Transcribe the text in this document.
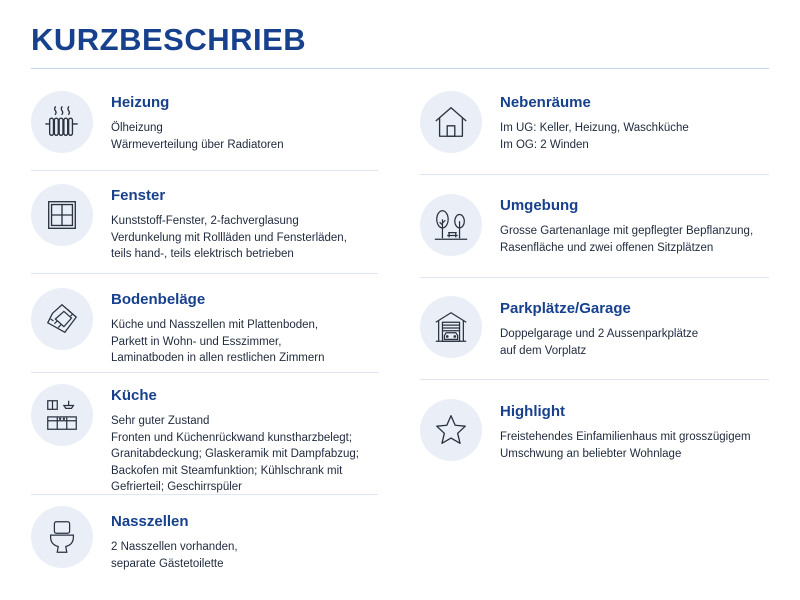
KURZBESCHRIEB
Heizung
Ölheizung
Wärmeverteilung über Radiatoren
Fenster
Kunststoff-Fenster, 2-fachverglasung
Verdunkelung mit Rollläden und Fensterläden,
teils hand-, teils elektrisch betrieben
Bodenbeläge
Küche und Nasszellen mit Plattenboden,
Parkett in Wohn- und Esszimmer,
Laminatboden in allen restlichen Zimmern
Küche
Sehr guter Zustand
Fronten und Küchenrückwand kunstharzbelegt;
Granitabdeckung; Glaskeramik mit Dampfabzug;
Backofen mit Steamfunktion; Kühlschrank mit
Gefrierteil; Geschirrspüler
Nasszellen
2 Nasszellen vorhanden,
separate Gästetoilette
Nebenräume
Im UG: Keller, Heizung, Waschküche
Im OG: 2 Winden
Umgebung
Grosse Gartenanlage mit gepflegter Bepflanzung,
Rasenfläche und zwei offenen Sitzplätzen
Parkplätze/Garage
Doppelgarage und 2 Aussenparkplätze
auf dem Vorplatz
Highlight
Freistehendes Einfamilienhaus mit grosszügigem
Umschwung an beliebter Wohnlage
